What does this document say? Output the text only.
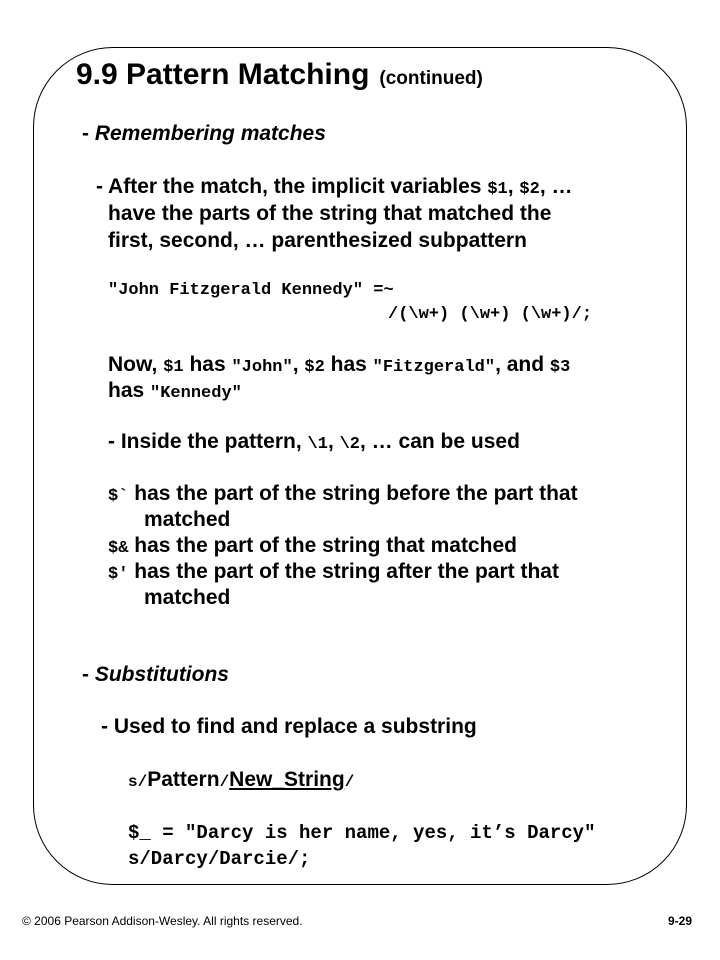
9.9 Pattern Matching (continued)
- Remembering matches
- After the match, the implicit variables $1, $2, …
have the parts of the string that matched the
first, second, … parenthesized subpattern
"John Fitzgerald Kennedy" =~
/(\w+) (\w+) (\w+)/;
Now, $1 has "John", $2 has "Fitzgerald", and $3
has "Kennedy"
- Inside the pattern, \1, \2, … can be used
$` has the part of the string before the part that
matched
$& has the part of the string that matched
$′ has the part of the string after the part that
matched
- Substitutions
- Used to find and replace a substring
s/Pattern/New_String/
$_ = "Darcy is her name, yes, it’s Darcy"
s/Darcy/Darcie/;
© 2006 Pearson Addison-Wesley. All rights reserved.	9-29
